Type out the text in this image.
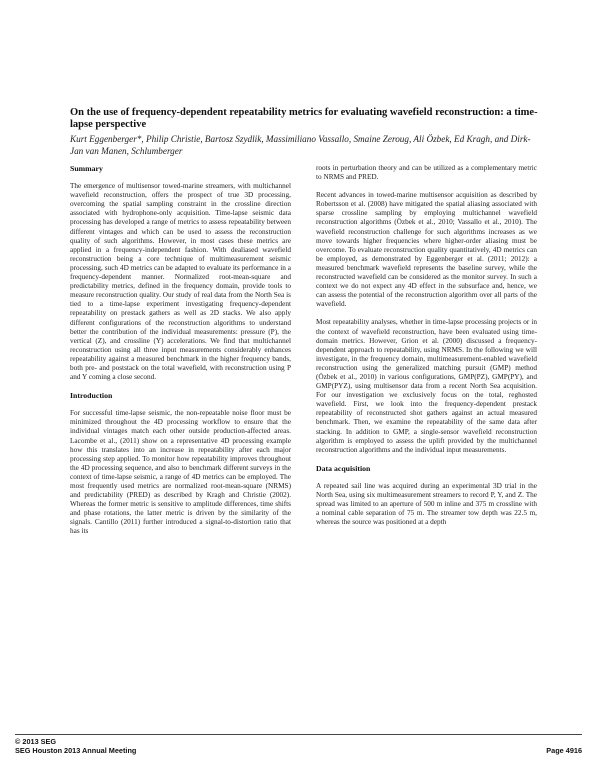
On the use of frequency-dependent repeatability metrics for evaluating wavefield reconstruction: a time-lapse perspective

Kurt Eggenberger*, Philip Christie, Bartosz Szydlik, Massimiliano Vassallo, Smaine Zeroug, Ali Özbek, Ed Kragh, and Dirk-Jan van Manen, Schlumberger

Summary

The emergence of multisensor towed-marine streamers, with multichannel wavefield reconstruction, offers the prospect of true 3D processing, overcoming the spatial sampling constraint in the crossline direction associated with hydrophone-only acquisition. Time-lapse seismic data processing has developed a range of metrics to assess repeatability between different vintages and which can be used to assess the reconstruction quality of such algorithms. However, in most cases these metrics are applied in a frequency-independent fashion. With dealiased wavefield reconstruction being a core technique of multimeasurement seismic processing, such 4D metrics can be adapted to evaluate its performance in a frequency-dependent manner. Normalized root-mean-square and predictability metrics, defined in the frequency domain, provide tools to measure reconstruction quality. Our study of real data from the North Sea is tied to a time-lapse experiment investigating frequency-dependent repeatability on prestack gathers as well as 2D stacks. We also apply different configurations of the reconstruction algorithms to understand better the contribution of the individual measurements: pressure (P), the vertical (Z), and crossline (Y) accelerations. We find that multichannel reconstruction using all three input measurements considerably enhances repeatability against a measured benchmark in the higher frequency bands, both pre- and poststack on the total wavefield, with reconstruction using P and Y coming a close second.

Introduction

For successful time-lapse seismic, the non-repeatable noise floor must be minimized throughout the 4D processing workflow to ensure that the individual vintages match each other outside production-affected areas. Lacombe et al., (2011) show on a representative 4D processing example how this translates into an increase in repeatability after each major processing step applied. To monitor how repeatability improves throughout the 4D processing sequence, and also to benchmark different surveys in the context of time-lapse seismic, a range of 4D metrics can be employed. The most frequently used metrics are normalized root-mean-square (NRMS) and predictability (PRED) as described by Kragh and Christie (2002). Whereas the former metric is sensitive to amplitude differences, time shifts and phase rotations, the latter metric is driven by the similarity of the signals. Cantillo (2011) further introduced a signal-to-distortion ratio that has its

roots in perturbation theory and can be utilized as a complementary metric to NRMS and PRED.

Recent advances in towed-marine multisensor acquisition as described by Robertsson et al. (2008) have mitigated the spatial aliasing associated with sparse crossline sampling by employing multichannel wavefield reconstruction algorithms (Özbek et al., 2010; Vassallo et al., 2010). The wavefield reconstruction challenge for such algorithms increases as we move towards higher frequencies where higher-order aliasing must be overcome. To evaluate reconstruction quality quantitatively, 4D metrics can be employed, as demonstrated by Eggenberger et al. (2011; 2012): a measured benchmark wavefield represents the baseline survey, while the reconstructed wavefield can be considered as the monitor survey. In such a context we do not expect any 4D effect in the subsurface and, hence, we can assess the potential of the reconstruction algorithm over all parts of the wavefield.

Most repeatability analyses, whether in time-lapse processing projects or in the context of wavefield reconstruction, have been evaluated using time-domain metrics. However, Grion et al. (2000) discussed a frequency-dependent approach to repeatability, using NRMS. In the following we will investigate, in the frequency domain, multimeasurement-enabled wavefield reconstruction using the generalized matching pursuit (GMP) method (Özbek et al., 2010) in various configurations, GMP(PZ), GMP(PY), and GMP(PYZ), using multisensor data from a recent North Sea acquisition. For our investigation we exclusively focus on the total, reghosted wavefield. First, we look into the frequency-dependent prestack repeatability of reconstructed shot gathers against an actual measured benchmark. Then, we examine the repeatability of the same data after stacking. In addition to GMP, a single-sensor wavefield reconstruction algorithm is employed to assess the uplift provided by the multichannel reconstruction algorithms and the individual input measurements.

Data acquisition

A repeated sail line was acquired during an experimental 3D trial in the North Sea, using six multimeasurement streamers to record P, Y, and Z. The spread was limited to an aperture of 500 m inline and 375 m crossline with a nominal cable separation of 75 m. The streamer tow depth was 22.5 m, whereas the source was positioned at a depth

© 2013 SEG
SEG Houston 2013 Annual Meeting	Page 4916
